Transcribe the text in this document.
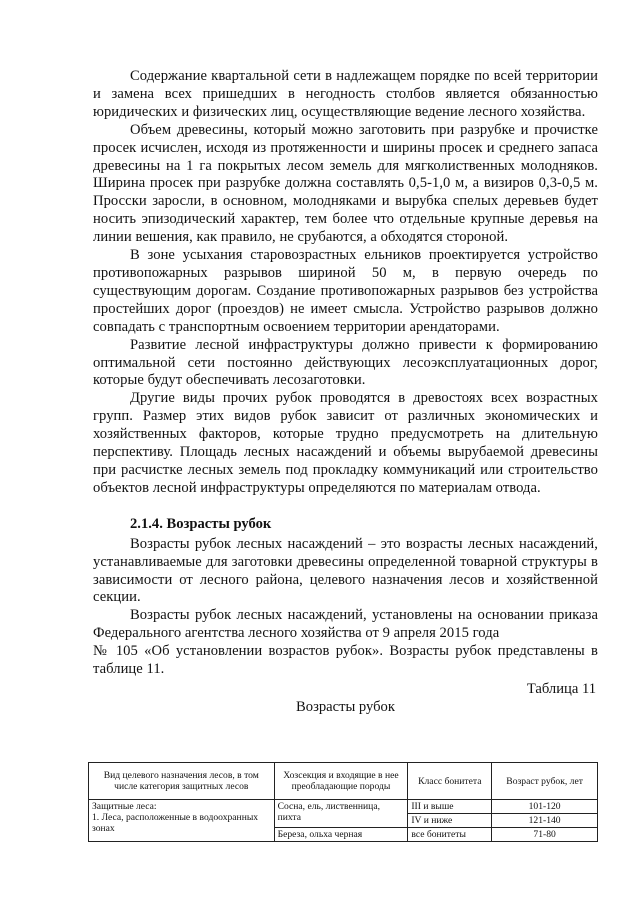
Содержание квартальной сети в надлежащем порядке по всей территории и замена всех пришедших в негодность столбов является обязанностью юридических и физических лиц, осуществляющие ведение лесного хозяйства.

Объем древесины, который можно заготовить при разрубке и прочистке просек исчислен, исходя из протяженности и ширины просек и среднего запаса древесины на 1 га покрытых лесом земель для мягколиственных молодняков. Ширина просек при разрубке должна составлять 0,5-1,0 м, а визиров 0,3-0,5 м. Просски заросли, в основном, молодняками и вырубка спелых деревьев будет носить эпизодический характер, тем более что отдельные крупные деревья на линии вешения, как правило, не срубаются, а обходятся стороной.

В зоне усыхания старовозрастных ельников проектируется устройство противопожарных разрывов шириной 50 м, в первую очередь по существующим дорогам. Создание противопожарных разрывов без устройства простейших дорог (проездов) не имеет смысла. Устройство разрывов должно совпадать с транспортным освоением территории арендаторами.

Развитие лесной инфраструктуры должно привести к формированию оптимальной сети постоянно действующих лесоэксплуатационных дорог, которые будут обеспечивать лесозаготовки.

Другие виды прочих рубок проводятся в древостоях всех возрастных групп. Размер этих видов рубок зависит от различных экономических и хозяйственных факторов, которые трудно предусмотреть на длительную перспективу. Площадь лесных насаждений и объемы вырубаемой древесины при расчистке лесных земель под прокладку коммуникаций или строительство объектов лесной инфраструктуры определяются по материалам отвода.

2.1.4. Возрасты рубок

Возрасты рубок лесных насаждений – это возрасты лесных насаждений, устанавливаемые для заготовки древесины определенной товарной структуры в зависимости от лесного района, целевого назначения лесов и хозяйственной секции.

Возрасты рубок лесных насаждений, установлены на основании приказа Федерального агентства лесного хозяйства от 9 апреля 2015 года

№ 105 «Об установлении возрастов рубок». Возрасты рубок представлены в таблице 11.

Таблица 11
Возрасты рубок
Вид целевого назначения лесов, в том числе категория защитных лесов	Хозсекция и входящие в нее преобладающие породы	Класс бонитета	Возраст рубок, лет

Защитные леса:
1. Леса, расположенные в водоохранных зонах	Сосна, ель, лиственница, пихта	III и выше	101-120
		IV и ниже	121-140
	Береза, ольха черная	все бонитеты	71-80
